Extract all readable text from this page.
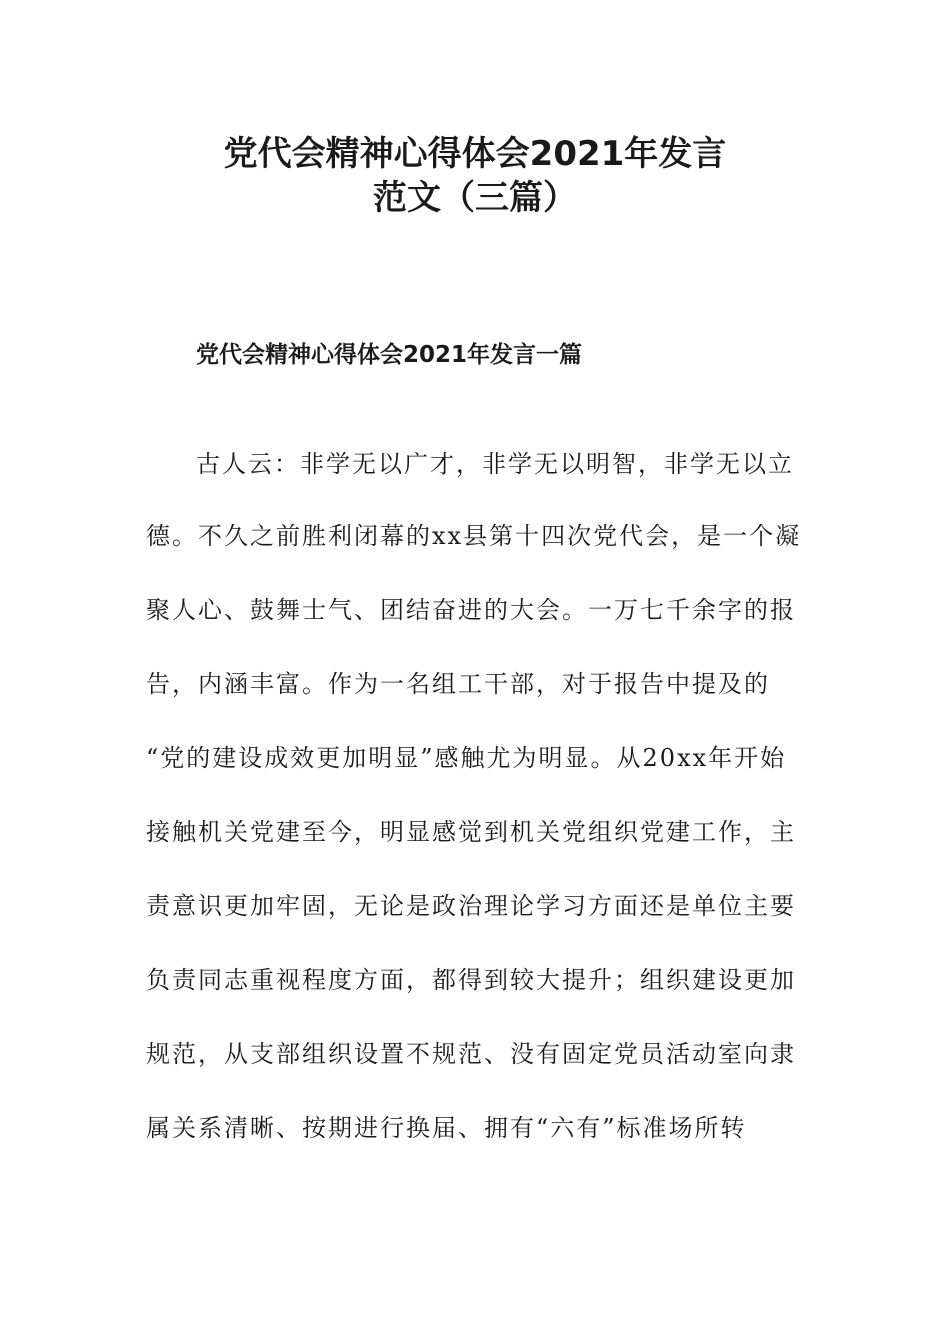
党代会精神心得体会2021年发言
范文（三篇）
党代会精神心得体会2021年发言一篇
古人云：非学无以广才，非学无以明智，非学无以立
德。不久之前胜利闭幕的xx县第十四次党代会，是一个凝
聚人心、鼓舞士气、团结奋进的大会。一万七千余字的报
告，内涵丰富。作为一名组工干部，对于报告中提及的
“党的建设成效更加明显”感触尤为明显。从20xx年开始
接触机关党建至今，明显感觉到机关党组织党建工作，主
责意识更加牢固，无论是政治理论学习方面还是单位主要
负责同志重视程度方面，都得到较大提升；组织建设更加
规范，从支部组织设置不规范、没有固定党员活动室向隶
属关系清晰、按期进行换届、拥有“六有”标准场所转
